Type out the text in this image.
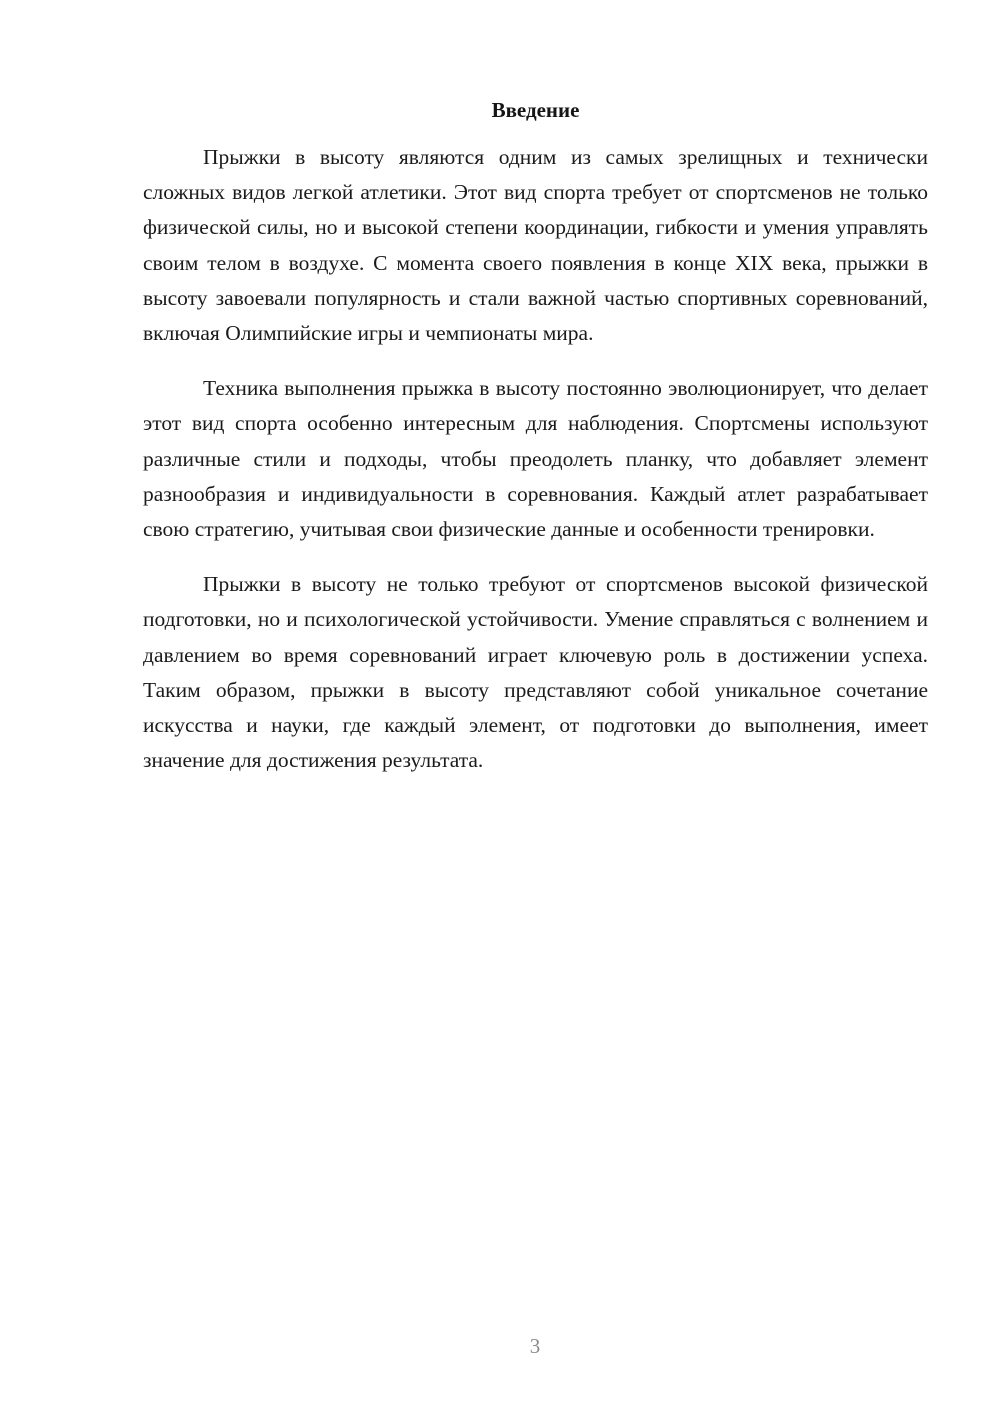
Введение

Прыжки в высоту являются одним из самых зрелищных и технически сложных видов легкой атлетики. Этот вид спорта требует от спортсменов не только физической силы, но и высокой степени координации, гибкости и умения управлять своим телом в воздухе. С момента своего появления в конце XIX века, прыжки в высоту завоевали популярность и стали важной частью спортивных соревнований, включая Олимпийские игры и чемпионаты мира.

Техника выполнения прыжка в высоту постоянно эволюционирует, что делает этот вид спорта особенно интересным для наблюдения. Спортсмены используют различные стили и подходы, чтобы преодолеть планку, что добавляет элемент разнообразия и индивидуальности в соревнования. Каждый атлет разрабатывает свою стратегию, учитывая свои физические данные и особенности тренировки.

Прыжки в высоту не только требуют от спортсменов высокой физической подготовки, но и психологической устойчивости. Умение справляться с волнением и давлением во время соревнований играет ключевую роль в достижении успеха. Таким образом, прыжки в высоту представляют собой уникальное сочетание искусства и науки, где каждый элемент, от подготовки до выполнения, имеет значение для достижения результата.

3
